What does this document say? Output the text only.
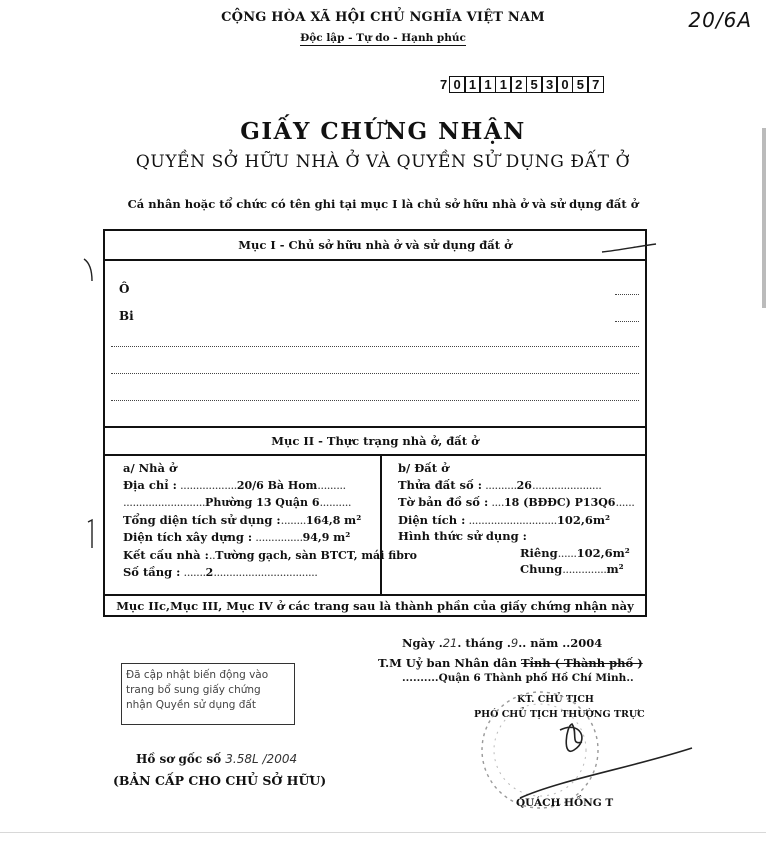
CỘNG HÒA XÃ HỘI CHỦ NGHĨA VIỆT NAM
Độc lập - Tự do - Hạnh phúc
20/6A
7 0 1 1 1 2 5 3 0 5 7
GIẤY CHỨNG NHẬN
QUYỀN SỞ HỮU NHÀ Ở VÀ QUYỀN SỬ DỤNG ĐẤT Ở
Cá nhân hoặc tổ chức có tên ghi tại mục I là chủ sở hữu nhà ở và sử dụng đất ở
Mục I - Chủ sở hữu nhà ở và sử dụng đất ở
Ô
Bi
Mục II - Thực trạng nhà ở, đất ở
a/ Nhà ở
Địa chỉ : ..................20/6 Bà Hom.........
..........................Phường 13 Quận 6..........
Tổng diện tích sử dụng :........164,8 m²
Diện tích xây dựng : ...............94,9 m²
Kết cấu nhà :..Tường gạch, sàn BTCT, mái fibro
Số tầng : .......2.................................
b/ Đất ở
Thửa đất số : ..........26......................
Tờ bản đồ số : ....18 (BĐĐC) P13Q6......
Diện tích : ............................102,6m²
Hình thức sử dụng :
Riêng......102,6m²
Chung..............m²
Mục IIc,Mục III, Mục IV ở các trang sau là thành phần của giấy chứng nhận này
Ngày .21. tháng .9.. năm ..2004
T.M Uỷ ban Nhân dân Tỉnh ( Thành phố )
..........Quận 6 Thành phố Hồ Chí Minh..
KT. CHỦ TỊCH
PHÓ CHỦ TỊCH THƯỜNG TRỰC
QUÁCH HỒNG T
Đã cập nhật biến động vào trang bổ sung giấy chứng nhận Quyền sử dụng đất
Hồ sơ gốc số 3.58L /2004
(BẢN CẤP CHO CHỦ SỞ HỮU)
